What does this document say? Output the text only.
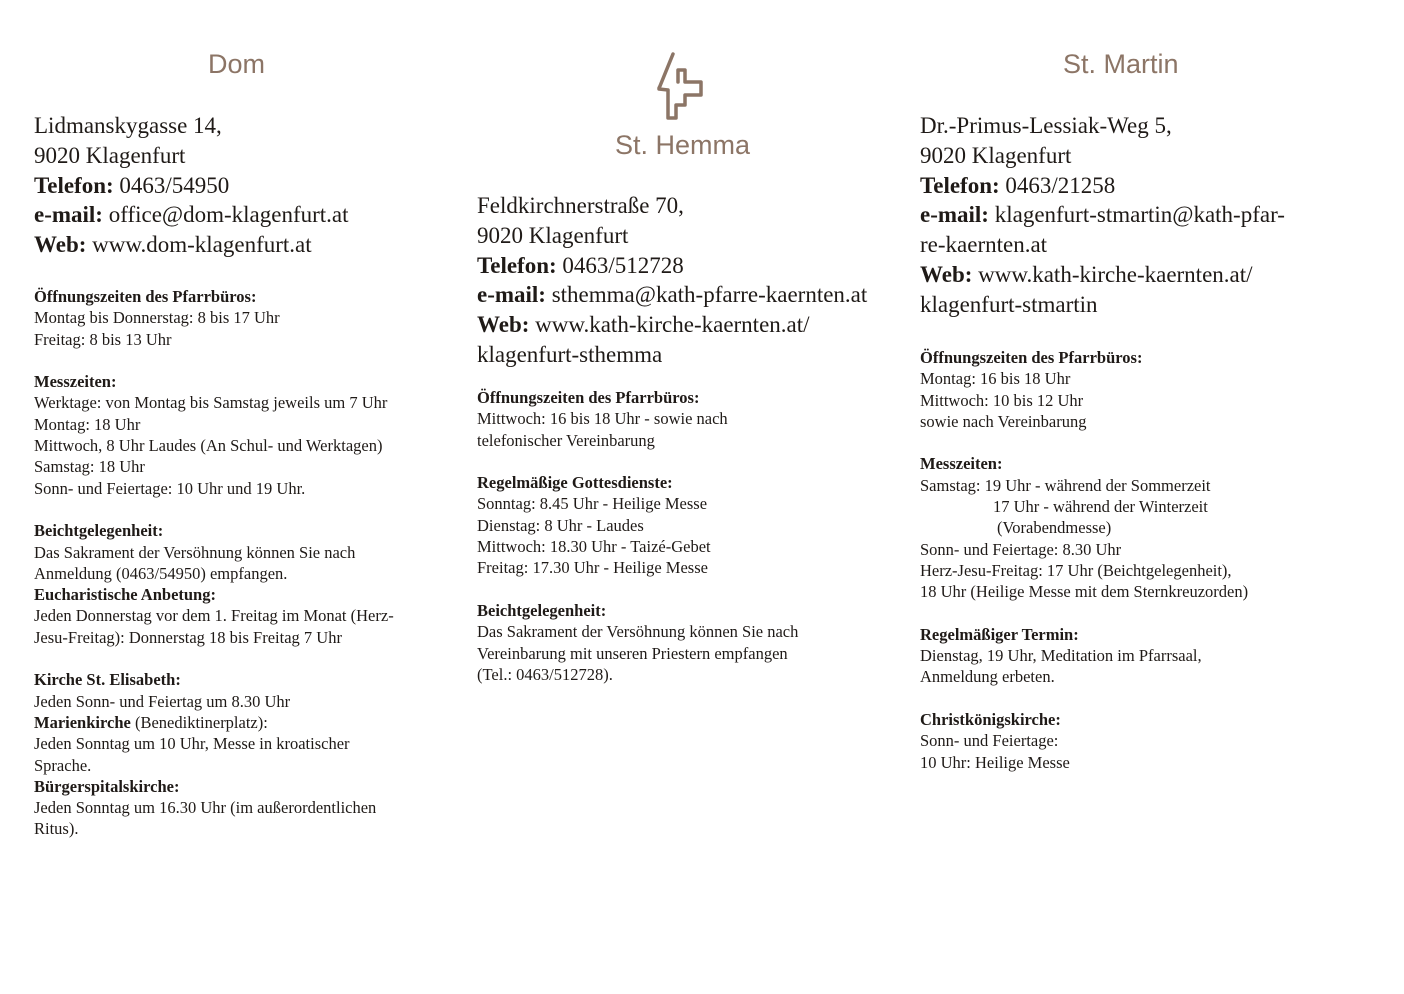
Dom
Lidmanskygasse 14,
9020 Klagenfurt
Telefon: 0463/54950
e-mail: office@dom-klagenfurt.at
Web: www.dom-klagenfurt.at

Öffnungszeiten des Pfarrbüros:
Montag bis Donnerstag: 8 bis 17 Uhr
Freitag: 8 bis 13 Uhr

Messzeiten:
Werktage: von Montag bis Samstag jeweils um 7 Uhr
Montag: 18 Uhr
Mittwoch, 8 Uhr Laudes (An Schul- und Werktagen)
Samstag: 18 Uhr
Sonn- und Feiertage: 10 Uhr und 19 Uhr.

Beichtgelegenheit:
Das Sakrament der Versöhnung können Sie nach
Anmeldung (0463/54950) empfangen.
Eucharistische Anbetung:
Jeden Donnerstag vor dem 1. Freitag im Monat (Herz-
Jesu-Freitag): Donnerstag 18 bis Freitag 7 Uhr

Kirche St. Elisabeth:
Jeden Sonn- und Feiertag um 8.30 Uhr
Marienkirche (Benediktinerplatz):
Jeden Sonntag um 10 Uhr, Messe in kroatischer
Sprache.
Bürgerspitalskirche:
Jeden Sonntag um 16.30 Uhr (im außerordentlichen
Ritus).

St. Hemma
Feldkirchnerstraße 70,
9020 Klagenfurt
Telefon: 0463/512728
e-mail: sthemma@kath-pfarre-kaernten.at
Web: www.kath-kirche-kaernten.at/
klagenfurt-sthemma

Öffnungszeiten des Pfarrbüros:
Mittwoch: 16 bis 18 Uhr - sowie nach
telefonischer Vereinbarung

Regelmäßige Gottesdienste:
Sonntag: 8.45 Uhr - Heilige Messe
Dienstag: 8 Uhr - Laudes
Mittwoch: 18.30 Uhr - Taizé-Gebet
Freitag: 17.30 Uhr - Heilige Messe

Beichtgelegenheit:
Das Sakrament der Versöhnung können Sie nach
Vereinbarung mit unseren Priestern empfangen
(Tel.: 0463/512728).

St. Martin
Dr.-Primus-Lessiak-Weg 5,
9020 Klagenfurt
Telefon: 0463/21258
e-mail: klagenfurt-stmartin@kath-pfar-
re-kaernten.at
Web: www.kath-kirche-kaernten.at/
klagenfurt-stmartin

Öffnungszeiten des Pfarrbüros:
Montag: 16 bis 18 Uhr
Mittwoch: 10 bis 12 Uhr
sowie nach Vereinbarung

Messzeiten:
Samstag: 19 Uhr - während der Sommerzeit
17 Uhr - während der Winterzeit
(Vorabendmesse)
Sonn- und Feiertage: 8.30 Uhr
Herz-Jesu-Freitag: 17 Uhr (Beichtgelegenheit),
18 Uhr (Heilige Messe mit dem Sternkreuzorden)

Regelmäßiger Termin:
Dienstag, 19 Uhr, Meditation im Pfarrsaal,
Anmeldung erbeten.

Christkönigskirche:
Sonn- und Feiertage:
10 Uhr: Heilige Messe
